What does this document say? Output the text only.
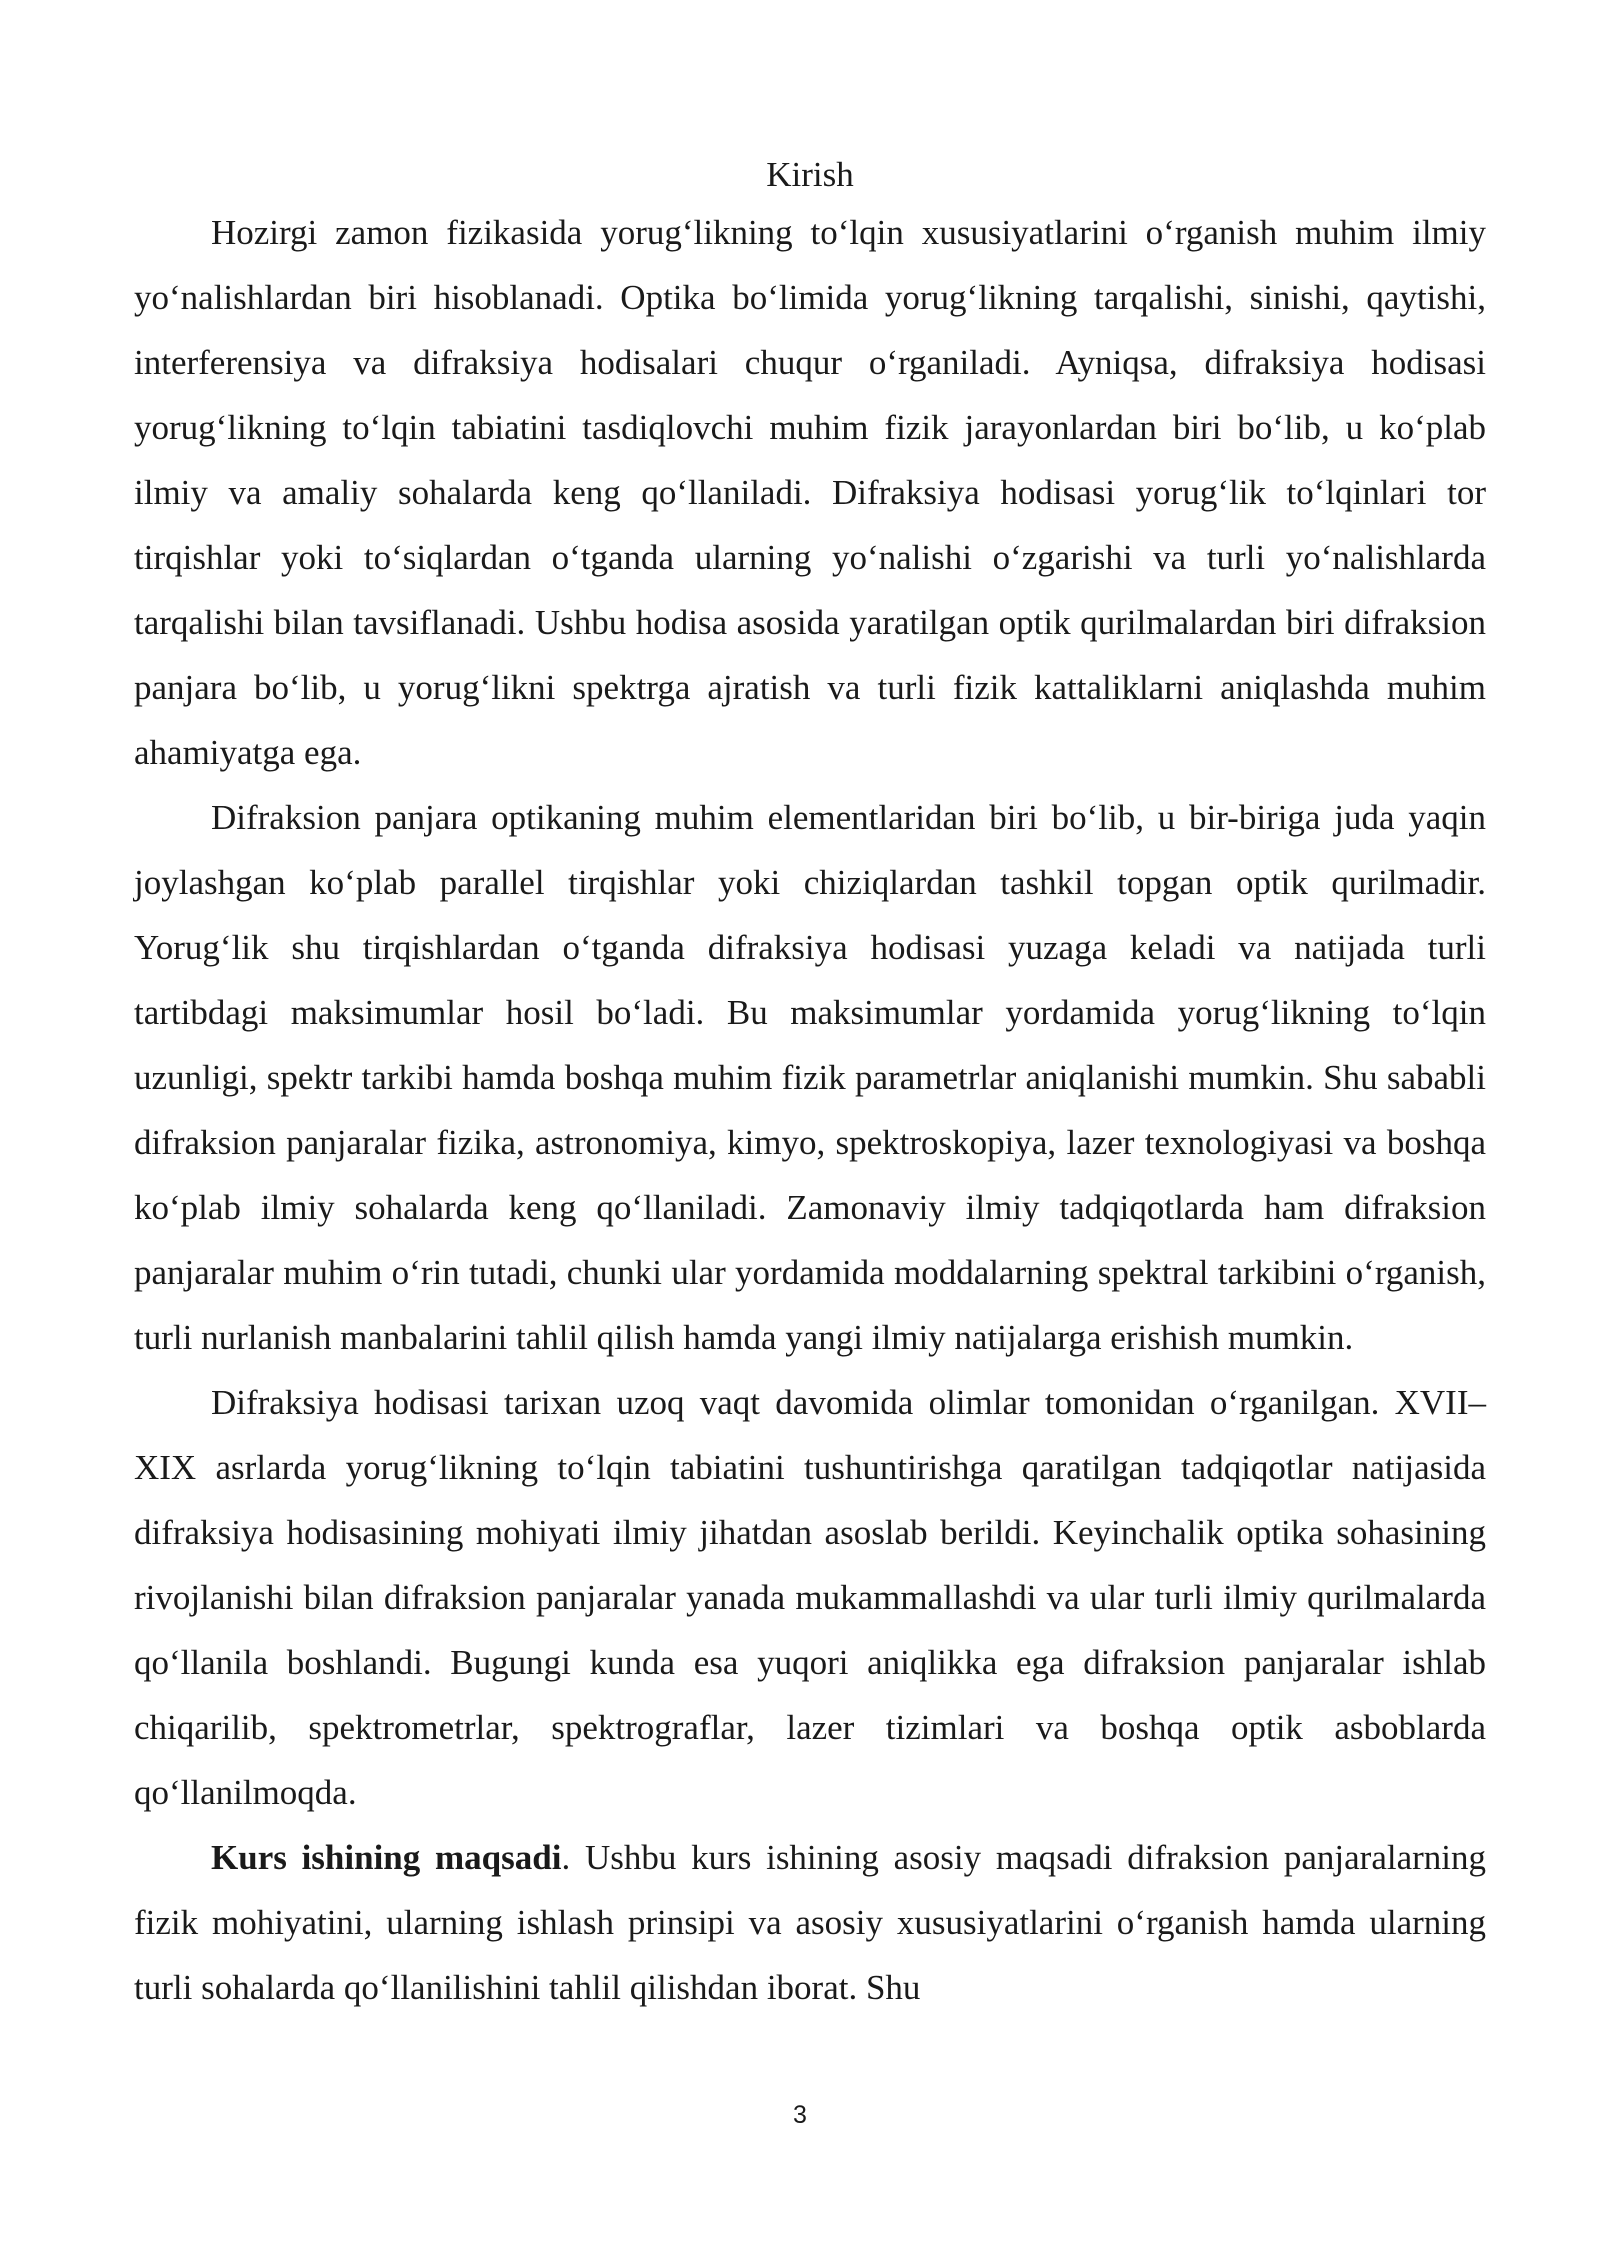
Kirish

Hozirgi zamon fizikasida yorug‘likning to‘lqin xususiyatlarini o‘rganish muhim ilmiy yo‘nalishlardan biri hisoblanadi. Optika bo‘limida yorug‘likning tarqalishi, sinishi, qaytishi, interferensiya va difraksiya hodisalari chuqur o‘rganiladi. Ayniqsa, difraksiya hodisasi yorug‘likning to‘lqin tabiatini tasdiqlovchi muhim fizik jarayonlardan biri bo‘lib, u ko‘plab ilmiy va amaliy sohalarda keng qo‘llaniladi. Difraksiya hodisasi yorug‘lik to‘lqinlari tor tirqishlar yoki to‘siqlardan o‘tganda ularning yo‘nalishi o‘zgarishi va turli yo‘nalishlarda tarqalishi bilan tavsiflanadi. Ushbu hodisa asosida yaratilgan optik qurilmalardan biri difraksion panjara bo‘lib, u yorug‘likni spektrga ajratish va turli fizik kattaliklarni aniqlashda muhim ahamiyatga ega.

Difraksion panjara optikaning muhim elementlaridan biri bo‘lib, u bir-biriga juda yaqin joylashgan ko‘plab parallel tirqishlar yoki chiziqlardan tashkil topgan optik qurilmadir. Yorug‘lik shu tirqishlardan o‘tganda difraksiya hodisasi yuzaga keladi va natijada turli tartibdagi maksimumlar hosil bo‘ladi. Bu maksimumlar yordamida yorug‘likning to‘lqin uzunligi, spektr tarkibi hamda boshqa muhim fizik parametrlar aniqlanishi mumkin. Shu sababli difraksion panjaralar fizika, astronomiya, kimyo, spektroskopiya, lazer texnologiyasi va boshqa ko‘plab ilmiy sohalarda keng qo‘llaniladi. Zamonaviy ilmiy tadqiqotlarda ham difraksion panjaralar muhim o‘rin tutadi, chunki ular yordamida moddalarning spektral tarkibini o‘rganish, turli nurlanish manbalarini tahlil qilish hamda yangi ilmiy natijalarga erishish mumkin.

Difraksiya hodisasi tarixan uzoq vaqt davomida olimlar tomonidan o‘rganilgan. XVII–XIX asrlarda yorug‘likning to‘lqin tabiatini tushuntirishga qaratilgan tadqiqotlar natijasida difraksiya hodisasining mohiyati ilmiy jihatdan asoslab berildi. Keyinchalik optika sohasining rivojlanishi bilan difraksion panjaralar yanada mukammallashdi va ular turli ilmiy qurilmalarda qo‘llanila boshlandi. Bugungi kunda esa yuqori aniqlikka ega difraksion panjaralar ishlab chiqarilib, spektrometrlar, spektrograflar, lazer tizimlari va boshqa optik asboblarda qo‘llanilmoqda.

Kurs ishining maqsadi. Ushbu kurs ishining asosiy maqsadi difraksion panjaralarning fizik mohiyatini, ularning ishlash prinsipi va asosiy xususiyatlarini o‘rganish hamda ularning turli sohalarda qo‘llanilishini tahlil qilishdan iborat. Shu

3
